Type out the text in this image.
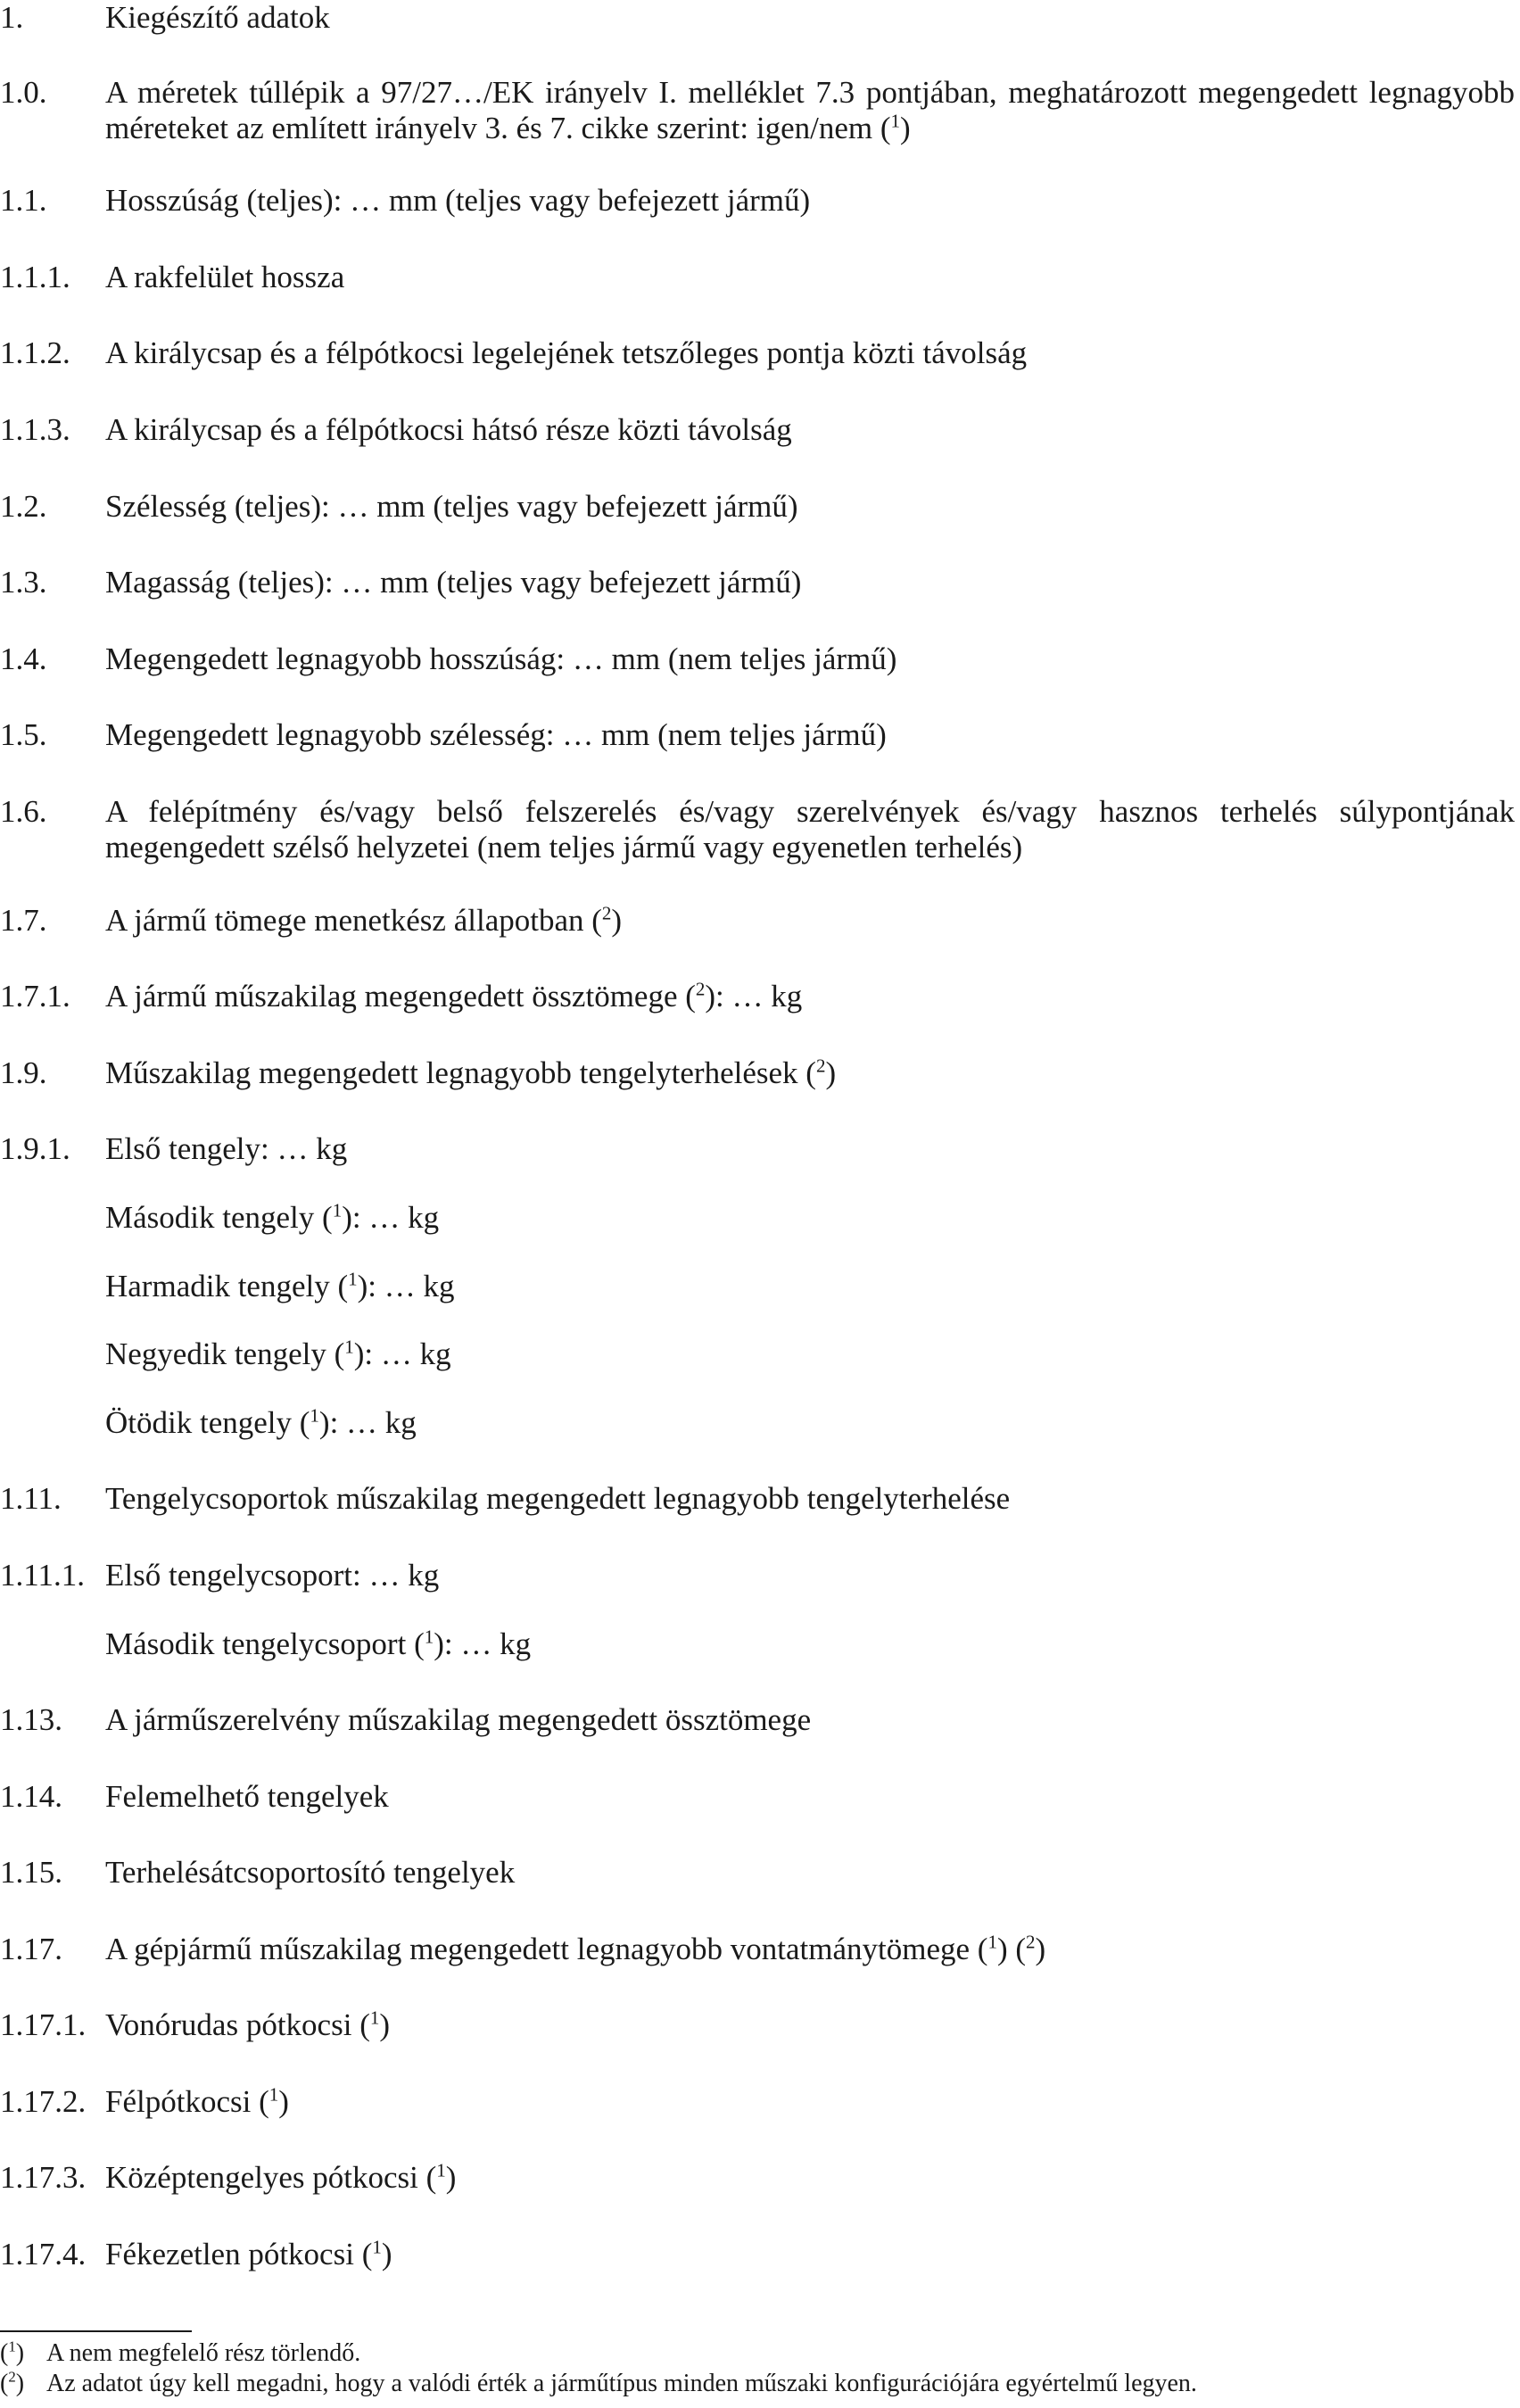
1.	Kiegészítő adatok
1.0.	A méretek túllépik a 97/27…/EK irányelv I. melléklet 7.3 pontjában, meghatározott megengedett legnagyobb méreteket az említett irányelv 3. és 7. cikke szerint: igen/nem ($^1$)
1.1.	Hosszúság (teljes): … mm (teljes vagy befejezett jármű)
1.1.1.	A rakfelület hossza
1.1.2.	A királycsap és a félpótkocsi legelejének tetszőleges pontja közti távolság
1.1.3.	A királycsap és a félpótkocsi hátsó része közti távolság
1.2.	Szélesség (teljes): … mm (teljes vagy befejezett jármű)
1.3.	Magasság (teljes): … mm (teljes vagy befejezett jármű)
1.4.	Megengedett legnagyobb hosszúság: … mm (nem teljes jármű)
1.5.	Megengedett legnagyobb szélesség: … mm (nem teljes jármű)
1.6.	A felépítmény és/vagy belső felszerelés és/vagy szerelvények és/vagy hasznos terhelés súlypontjának megengedett szélső helyzetei (nem teljes jármű vagy egyenetlen terhelés)
1.7.	A jármű tömege menetkész állapotban ($^2$)
1.7.1.	A jármű műszakilag megengedett össztömege ($^2$): … kg
1.9.	Műszakilag megengedett legnagyobb tengelyterhelések ($^2$)
1.9.1.	Első tengely: … kg
Második tengely ($^1$): … kg
Harmadik tengely ($^1$): … kg
Negyedik tengely ($^1$): … kg
Ötödik tengely ($^1$): … kg
1.11.	Tengelycsoportok műszakilag megengedett legnagyobb tengelyterhelése
1.11.1. Első tengelycsoport: … kg
Második tengelycsoport ($^1$): … kg
1.13.	A járműszerelvény műszakilag megengedett össztömege
1.14.	Felemelhető tengelyek
1.15.	Terhelésátcsoportosító tengelyek
1.17.	A gépjármű műszakilag megengedett legnagyobb vontatmánytömege ($^1$) ($^2$)
1.17.1. Vonórudas pótkocsi ($^1$)
1.17.2. Félpótkocsi ($^1$)
1.17.3. Középtengelyes pótkocsi ($^1$)
1.17.4. Fékezetlen pótkocsi ($^1$)
($^1$) A nem megfelelő rész törlendő.
($^2$) Az adatot úgy kell megadni, hogy a valódi érték a járműtípus minden műszaki konfigurációjára egyértelmű legyen.
